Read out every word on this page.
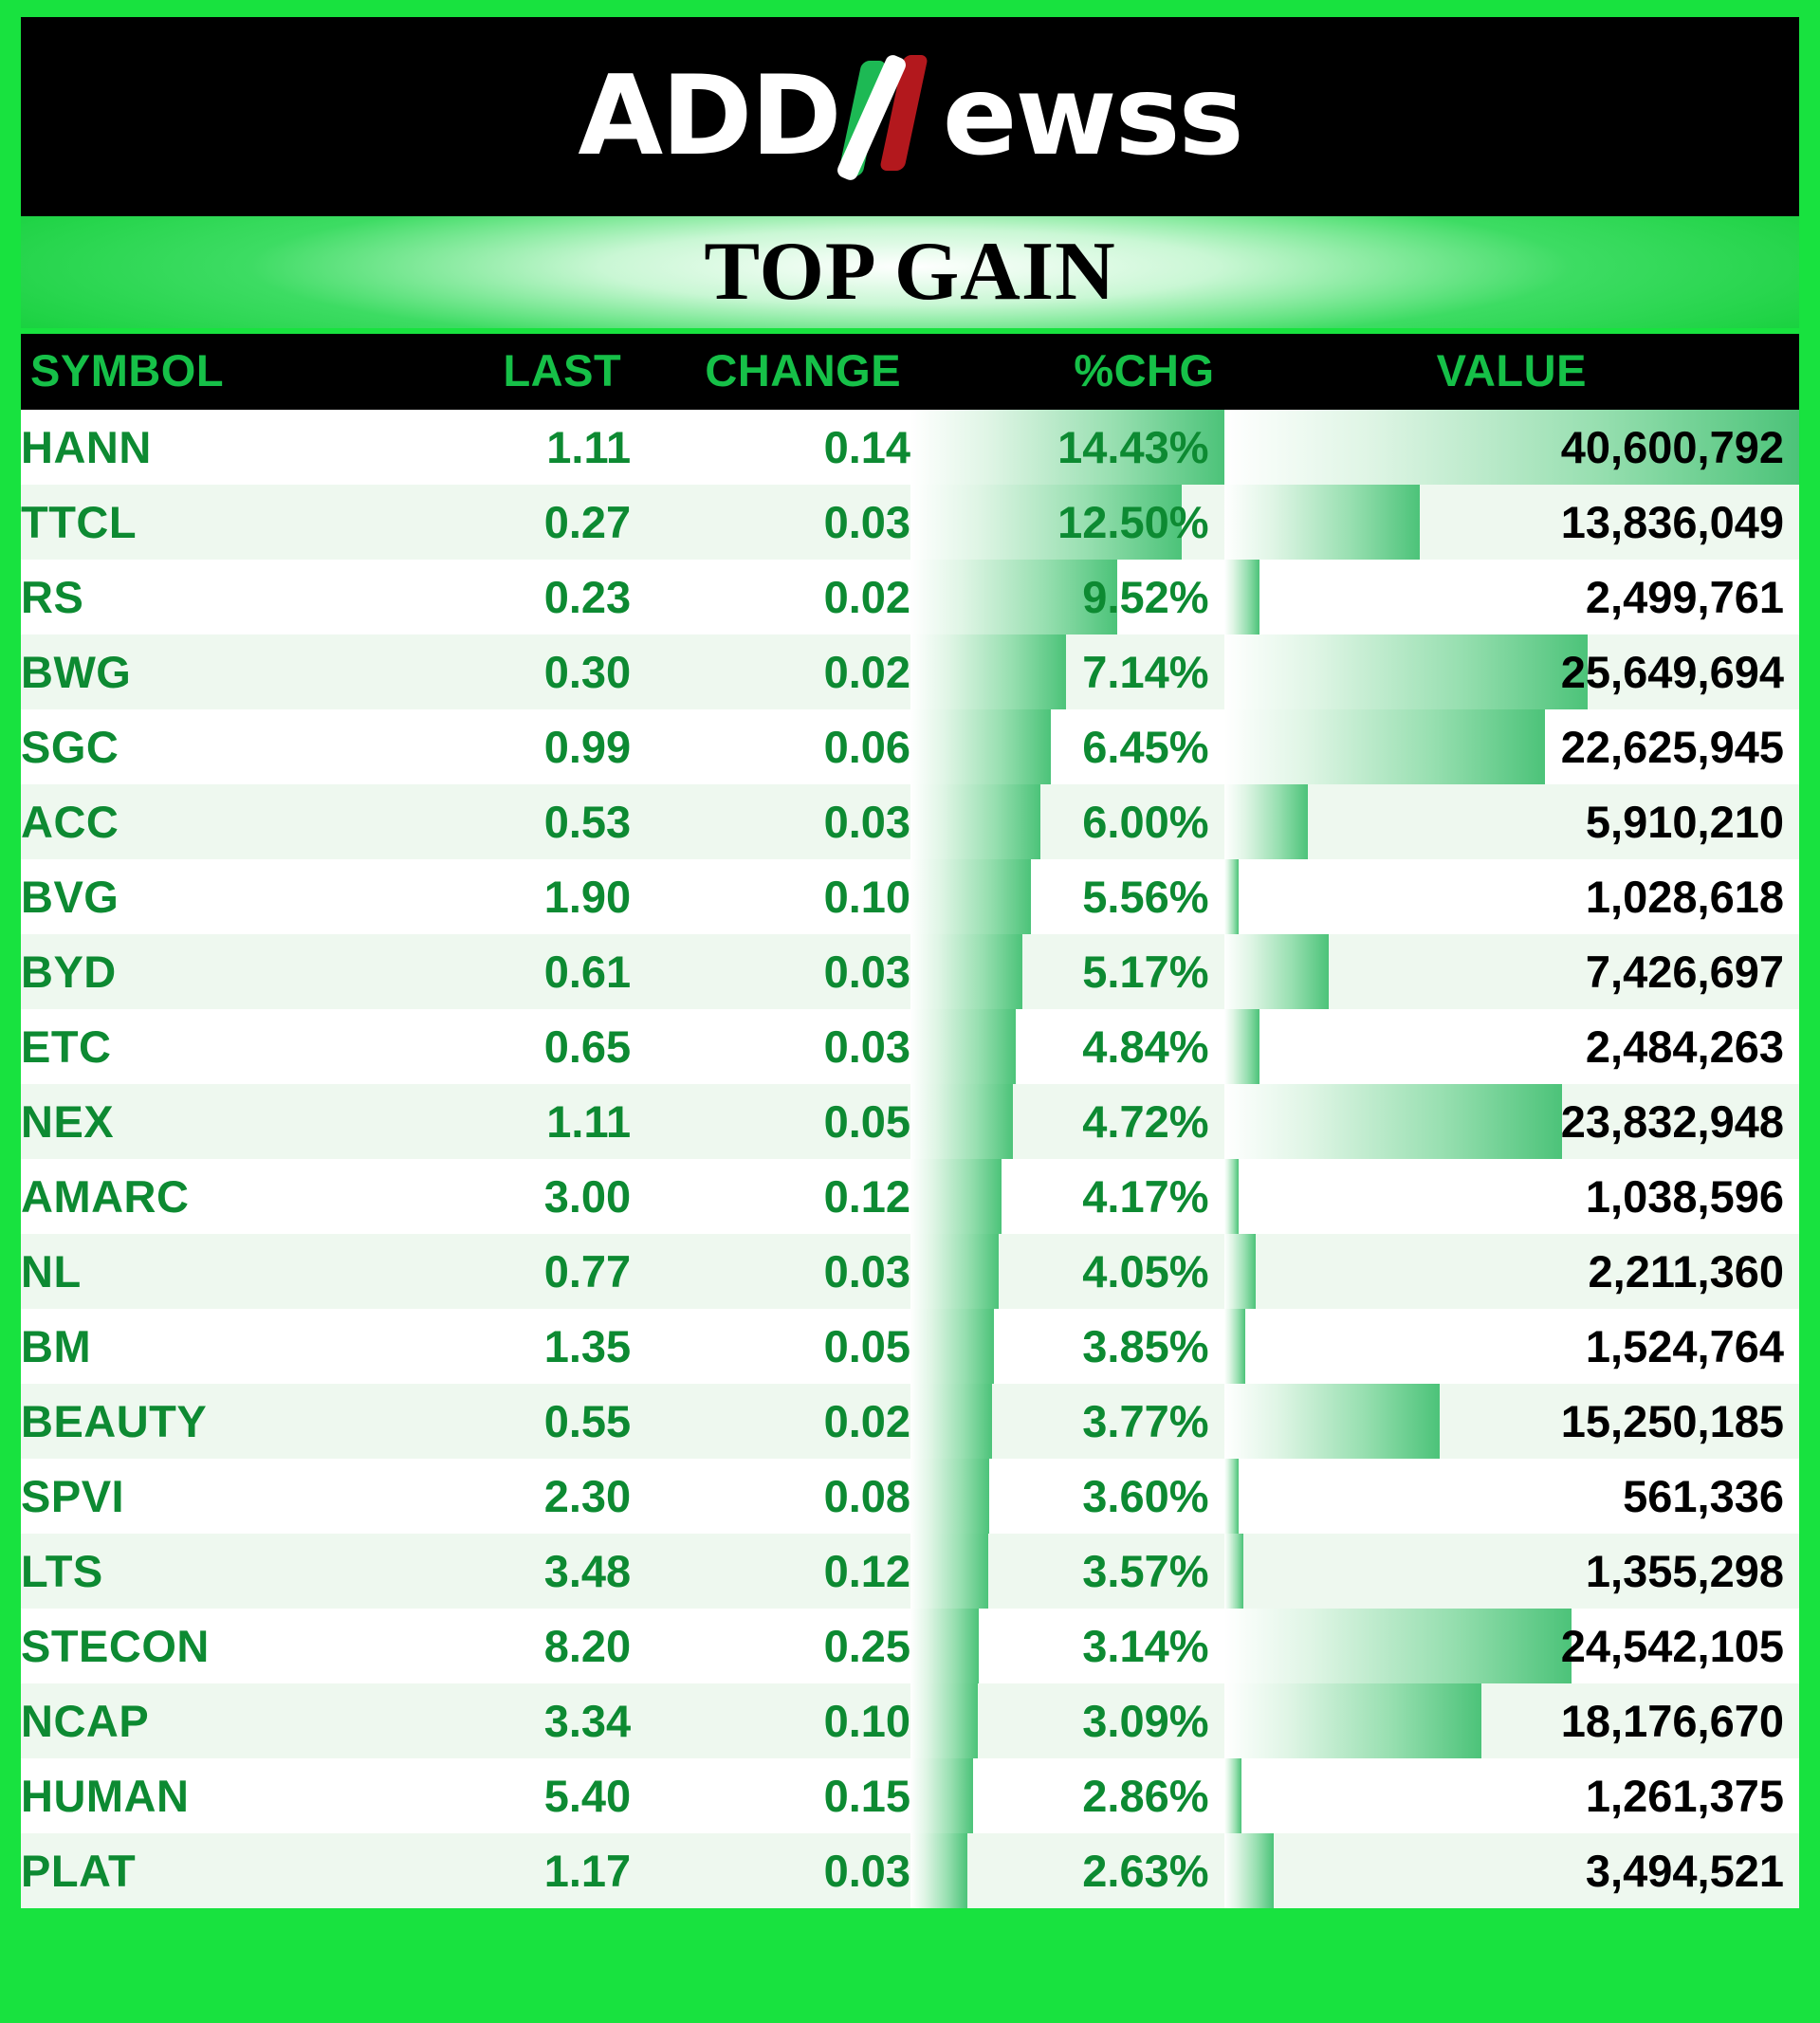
ADD ewss
TOP GAIN
SYMBOL	LAST	CHANGE	%CHG	VALUE
HANN	1.11	0.14	14.43%	40,600,792

TTCL	0.27	0.03	12.50%	13,836,049

RS	0.23	0.02	9.52%	2,499,761

BWG	0.30	0.02	7.14%	25,649,694

SGC	0.99	0.06	6.45%	22,625,945

ACC	0.53	0.03	6.00%	5,910,210

BVG	1.90	0.10	5.56%	1,028,618

BYD	0.61	0.03	5.17%	7,426,697

ETC	0.65	0.03	4.84%	2,484,263

NEX	1.11	0.05	4.72%	23,832,948

AMARC	3.00	0.12	4.17%	1,038,596

NL	0.77	0.03	4.05%	2,211,360

BM	1.35	0.05	3.85%	1,524,764

BEAUTY	0.55	0.02	3.77%	15,250,185

SPVI	2.30	0.08	3.60%	561,336

LTS	3.48	0.12	3.57%	1,355,298

STECON	8.20	0.25	3.14%	24,542,105

NCAP	3.34	0.10	3.09%	18,176,670

HUMAN	5.40	0.15	2.86%	1,261,375

PLAT	1.17	0.03	2.63%	3,494,521
